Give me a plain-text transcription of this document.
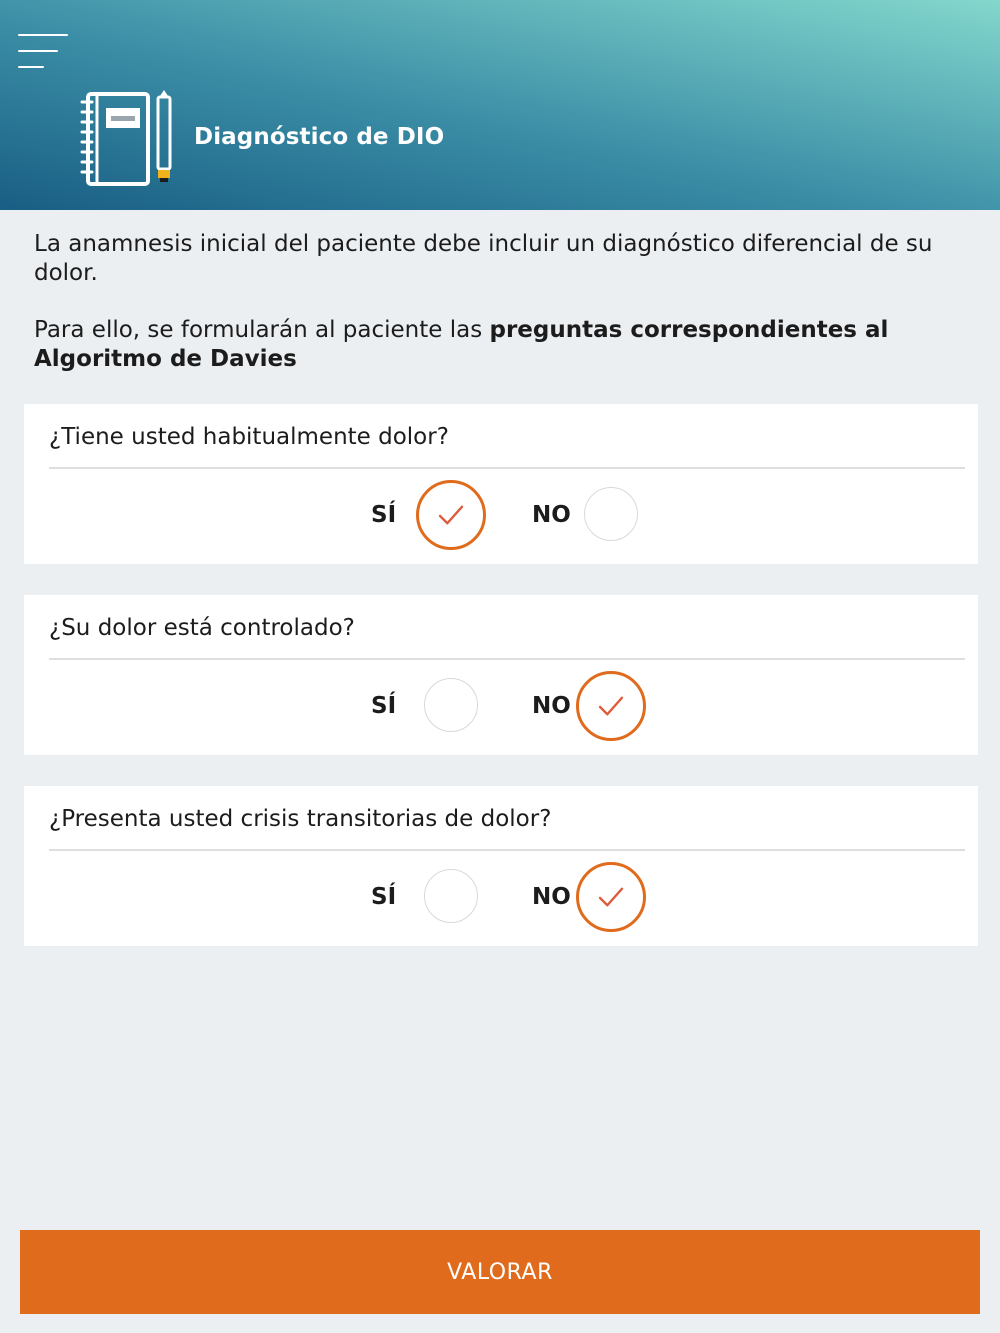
Diagnóstico de DIO

La anamnesis inicial del paciente debe incluir un diagnóstico diferencial de su dolor.

Para ello, se formularán al paciente las preguntas correspondientes al Algoritmo de Davies

¿Tiene usted habitualmente dolor?
SÍ	NO
¿Su dolor está controlado?
SÍ	NO
¿Presenta usted crisis transitorias de dolor?
SÍ	NO
VALORAR
